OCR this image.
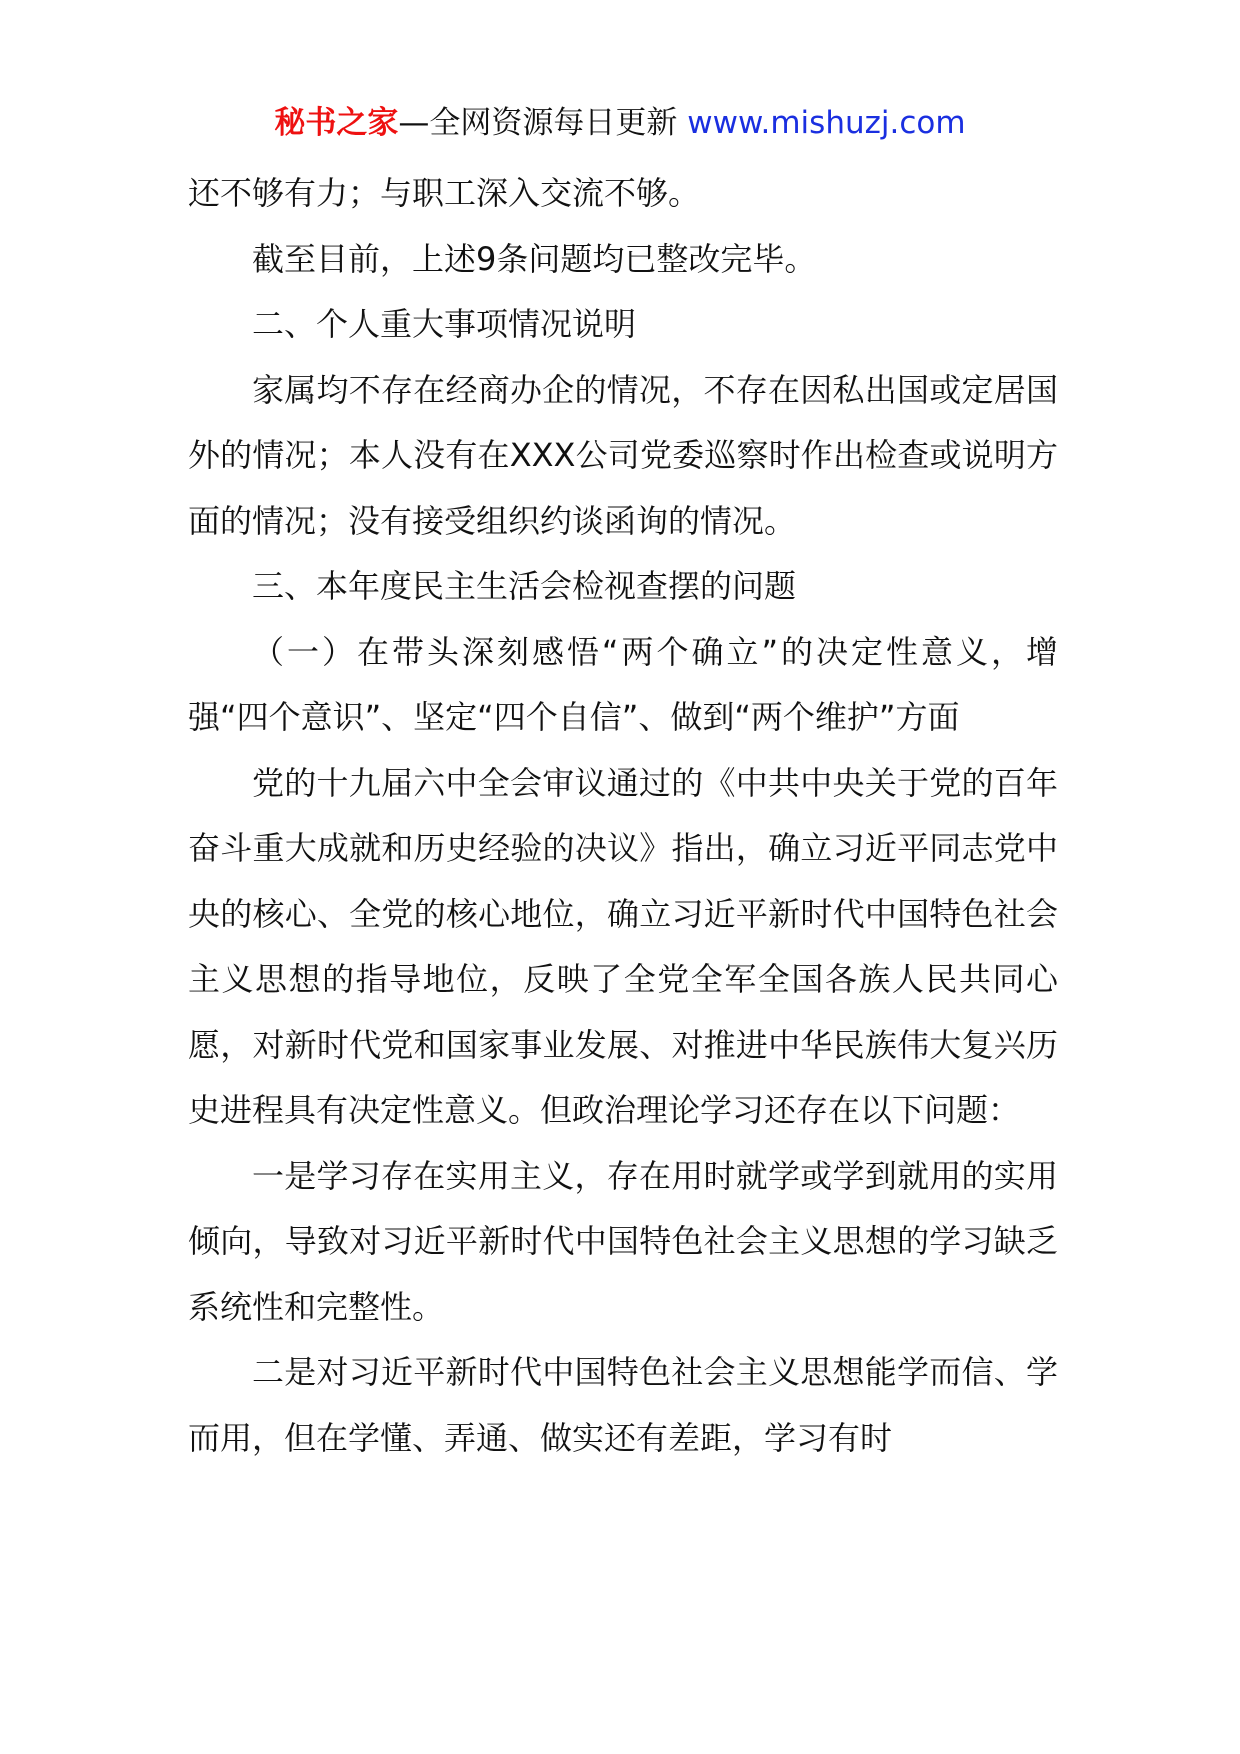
秘书之家—全网资源每日更新 www.mishuzj.com

还不够有力；与职工深入交流不够。

截至目前，上述9条问题均已整改完毕。

二、个人重大事项情况说明

家属均不存在经商办企的情况，不存在因私出国或定居国外的情况；本人没有在XXX公司党委巡察时作出检查或说明方面的情况；没有接受组织约谈函询的情况。

三、本年度民主生活会检视查摆的问题

（一）在带头深刻感悟“两个确立”的决定性意义，增强“四个意识”、坚定“四个自信”、做到“两个维护”方面

党的十九届六中全会审议通过的《中共中央关于党的百年奋斗重大成就和历史经验的决议》指出，确立习近平同志党中央的核心、全党的核心地位，确立习近平新时代中国特色社会主义思想的指导地位，反映了全党全军全国各族人民共同心愿，对新时代党和国家事业发展、对推进中华民族伟大复兴历史进程具有决定性意义。但政治理论学习还存在以下问题：

一是学习存在实用主义，存在用时就学或学到就用的实用倾向，导致对习近平新时代中国特色社会主义思想的学习缺乏系统性和完整性。

二是对习近平新时代中国特色社会主义思想能学而信、学而用，但在学懂、弄通、做实还有差距，学习有时
